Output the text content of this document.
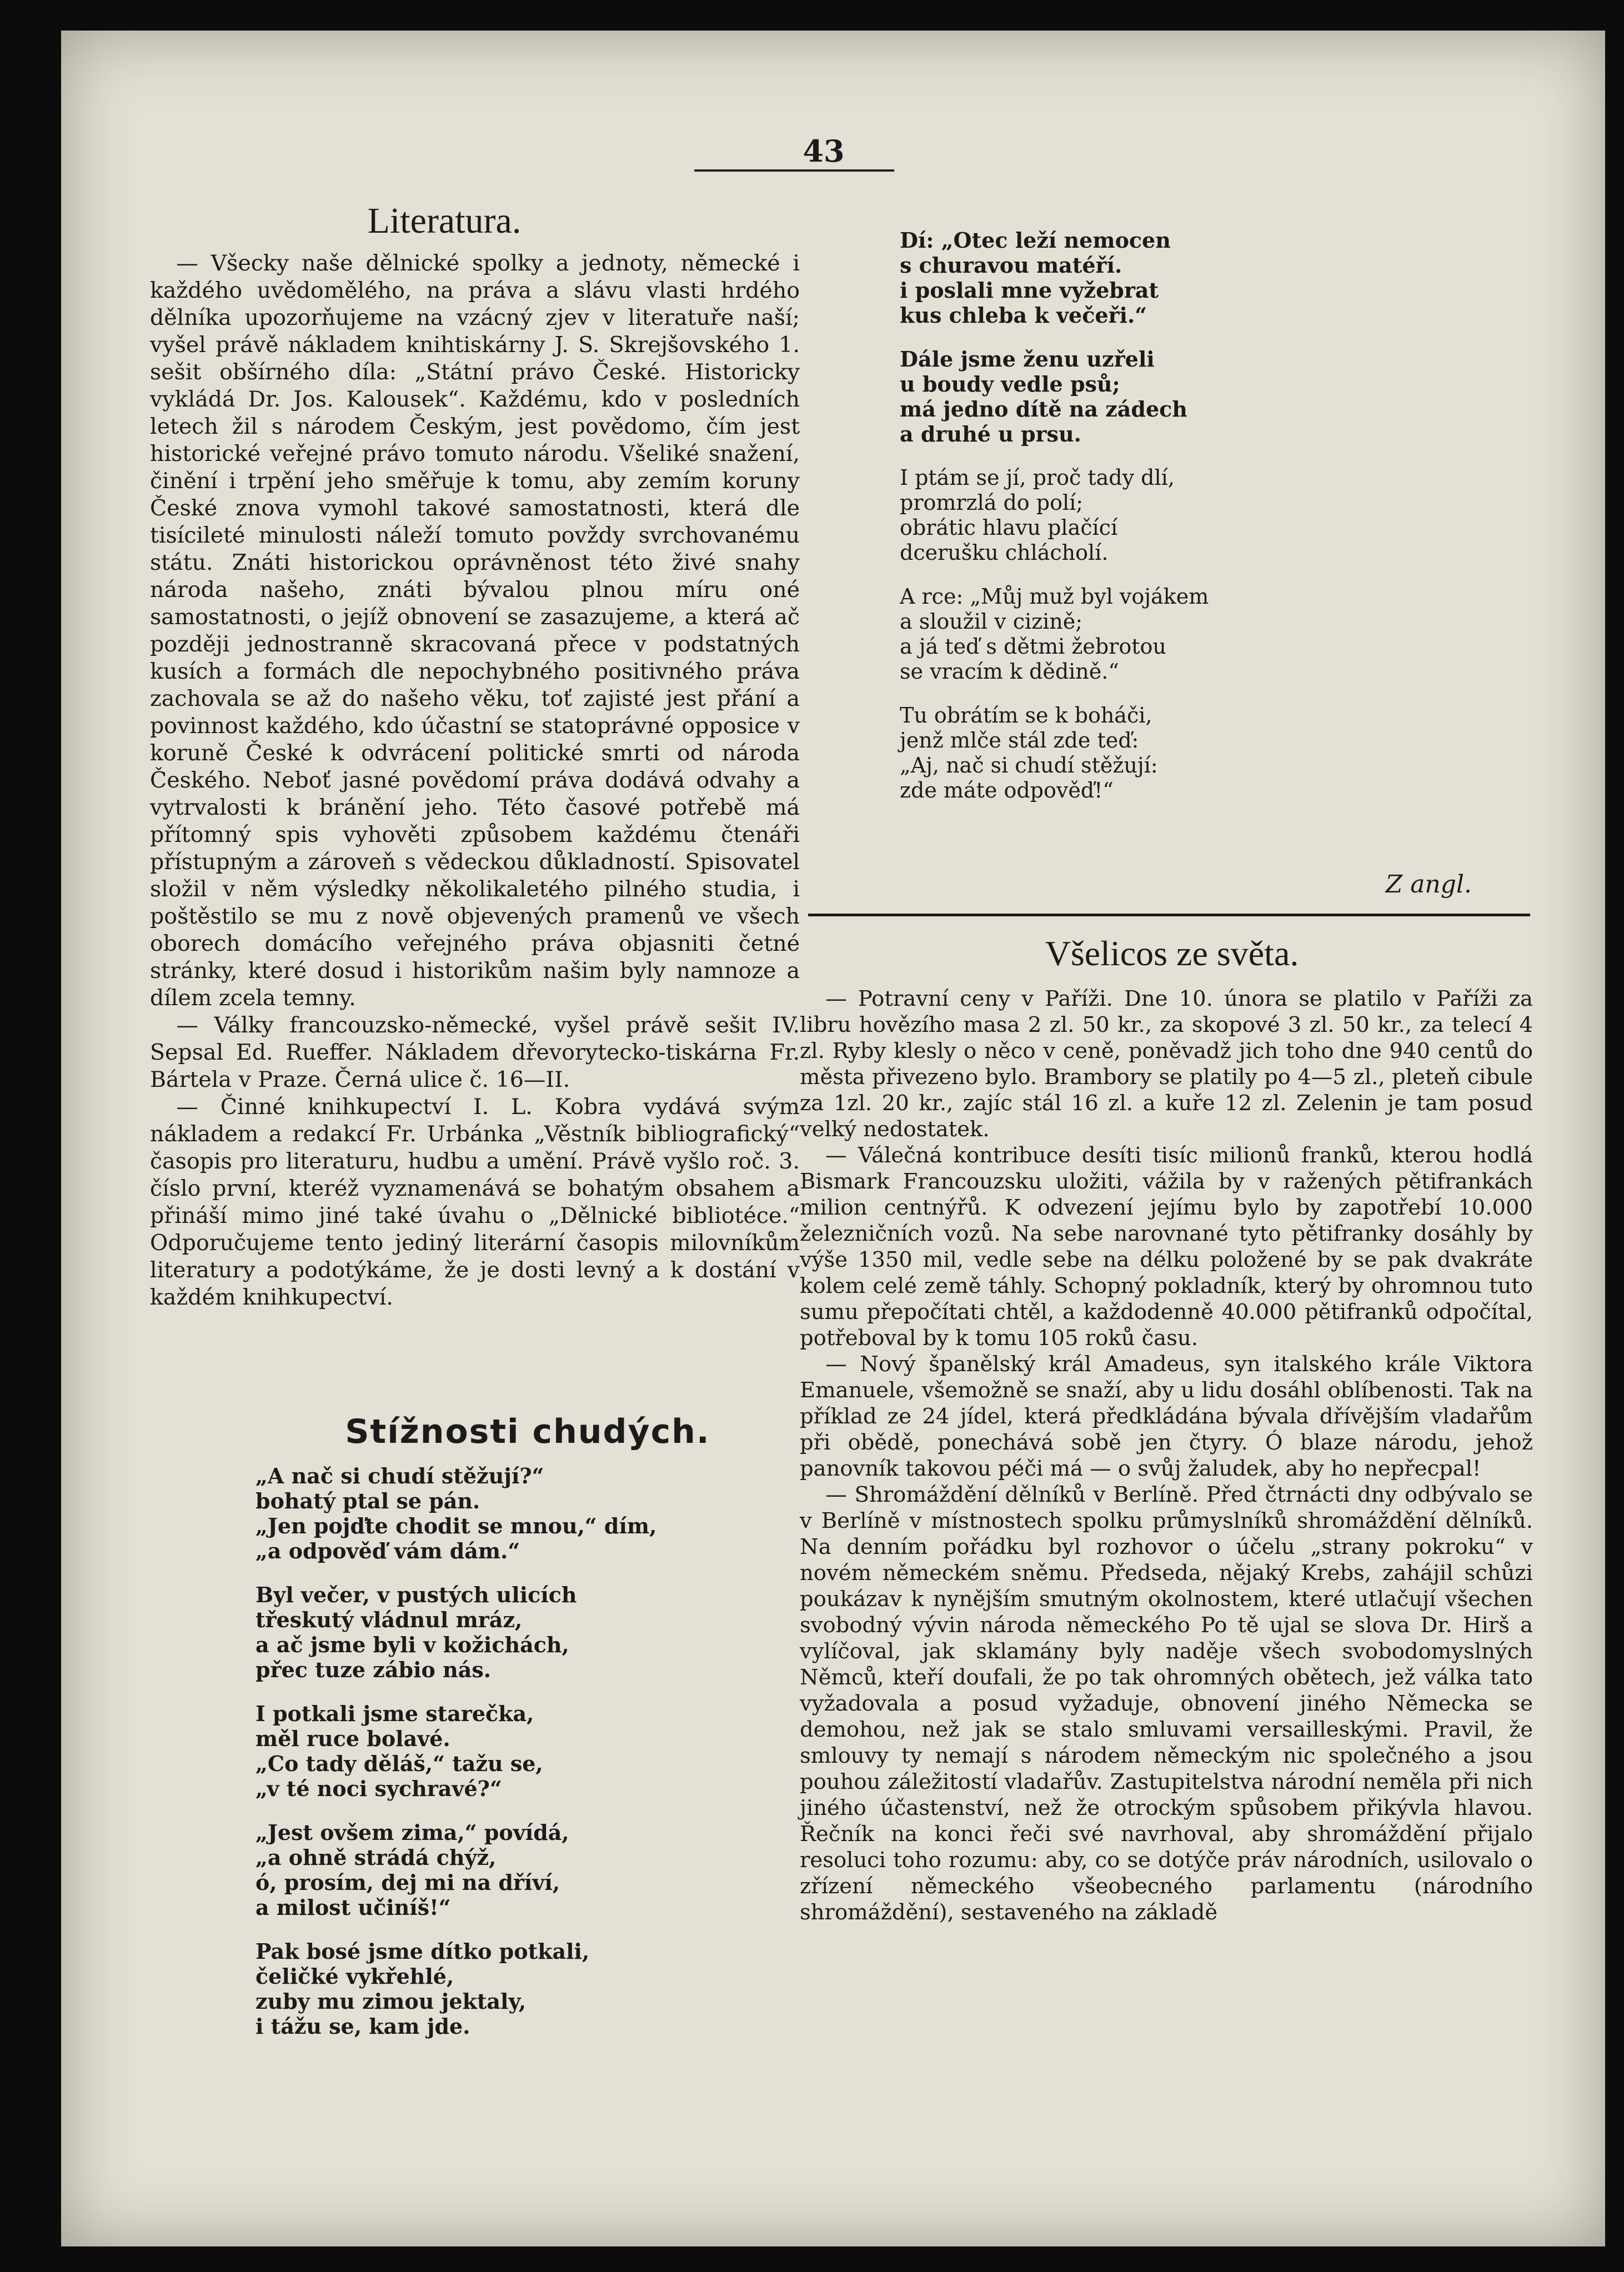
43
Literatura.

— Všecky naše dělnické spolky a jednoty, německé i každého uvědomělého, na práva a slávu vlasti hrdého dělníka upozorňujeme na vzácný zjev v literatuře naší; vyšel právě nákladem knihtiskárny J. S. Skrejšovského 1. sešit obšírného díla: „Státní právo České. Historicky vykládá Dr. Jos. Kalousek“. Každému, kdo v posledních letech žil s národem Českým, jest povědomo, čím jest historické veřejné právo tomuto národu. Všeliké snažení, činění i trpění jeho směřuje k tomu, aby zemím koruny České znova vymohl takové samostatnosti, která dle tisícileté minulosti náleží tomuto povždy svrchovanému státu. Znáti historickou oprávněnost této živé snahy národa našeho, znáti bývalou plnou míru oné samostatnosti, o jejíž obnovení se zasazujeme, a která ač později jednostranně skracovaná přece v podstatných kusích a formách dle nepochybného positivného práva zachovala se až do našeho věku, toť zajisté jest přání a povinnost každého, kdo účastní se statoprávné opposice v koruně České k odvrácení politické smrti od národa Českého. Neboť jasné povědomí práva dodává odvahy a vytrvalosti k bránění jeho. Této časové potřebě má přítomný spis vyhověti způsobem každému čtenáři přístupným a zároveň s vědeckou důkladností. Spisovatel složil v něm výsledky několikaletého pilného studia, i poštěstilo se mu z nově objevených pramenů ve všech oborech domácího veřejného práva objasniti četné stránky, které dosud i historikům našim byly namnoze a dílem zcela temny.

— Války francouzsko-německé, vyšel právě sešit IV. Sepsal Ed. Rueffer. Nákladem dřevorytecko-tiskárna Fr. Bártela v Praze. Černá ulice č. 16—II.

— Činné knihkupectví I. L. Kobra vydává svým nákladem a redakcí Fr. Urbánka „Věstník bibliografický“ časopis pro literaturu, hudbu a umění. Právě vyšlo roč. 3. číslo první, kteréž vyznamenává se bohatým obsahem a přináší mimo jiné také úvahu o „Dělnické bibliotéce.“ Odporučujeme tento jediný literární časopis milovníkům literatury a podotýkáme, že je dosti levný a k dostání v každém knihkupectví.

Stížnosti chudých.
„A nač si chudí stěžují?“
bohatý ptal se pán.
„Jen pojďte chodit se mnou,“ dím,
„a odpověď vám dám.“
Byl večer, v pustých ulicích
třeskutý vládnul mráz,
a ač jsme byli v kožichách,
přec tuze zábio nás.
I potkali jsme starečka,
měl ruce bolavé.
„Co tady děláš,“ tažu se,
„v té noci sychravé?“
„Jest ovšem zima,“ povídá,
„a ohně strádá chýž,
ó, prosím, dej mi na dříví,
a milost učiníš!“
Pak bosé jsme dítko potkali,
čeličké vykřehlé,
zuby mu zimou jektaly,
i tážu se, kam jde.
Dí: „Otec leží nemocen
s churavou matéří.
i poslali mne vyžebrat
kus chleba k večeři.“
Dále jsme ženu uzřeli
u boudy vedle psů;
má jedno dítě na zádech
a druhé u prsu.
I ptám se jí, proč tady dlí,
promrzlá do polí;
obrátic hlavu plačící
dcerušku chlácholí.
A rce: „Můj muž byl vojákem
a sloužil v cizině;
a já teď s dětmi žebrotou
se vracím k dědině.“
Tu obrátím se k boháči,
jenž mlče stál zde teď:
„Aj, nač si chudí stěžují:
zde máte odpověď!“
Z angl.
Všelicos ze světa.

— Potravní ceny v Paříži. Dne 10. února se platilo v Paříži za libru hovězího masa 2 zl. 50 kr., za skopové 3 zl. 50 kr., za telecí 4 zl. Ryby klesly o něco v ceně, poněvadž jich toho dne 940 centů do města přivezeno bylo. Brambory se platily po 4—5 zl., pleteň cibule za 1zl. 20 kr., zajíc stál 16 zl. a kuře 12 zl. Zelenin je tam posud velký nedostatek.

— Válečná kontribuce desíti tisíc milionů franků, kterou hodlá Bismark Francouzsku uložiti, vážila by v ražených pětifrankách milion centnýřů. K odvezení jejímu bylo by zapotřebí 10.000 železničních vozů. Na sebe narovnané tyto pětifranky dosáhly by výše 1350 mil, vedle sebe na délku položené by se pak dvakráte kolem celé země táhly. Schopný pokladník, který by ohromnou tuto sumu přepočítati chtěl, a každodenně 40.000 pětifranků odpočítal, potřeboval by k tomu 105 roků času.

— Nový španělský král Amadeus, syn italského krále Viktora Emanuele, všemožně se snaží, aby u lidu dosáhl oblíbenosti. Tak na příklad ze 24 jídel, která předkládána bývala dřívějším vladařům při obědě, ponechává sobě jen čtyry. Ó blaze národu, jehož panovník takovou péči má — o svůj žaludek, aby ho nepřecpal!

— Shromáždění dělníků v Berlíně. Před čtrnácti dny odbývalo se v Berlíně v místnostech spolku průmyslníků shromáždění dělníků. Na denním pořádku byl rozhovor o účelu „strany pokroku“ v novém německém sněmu. Předseda, nějaký Krebs, zahájil schůzi poukázav k nynějším smutným okolnostem, které utlačují všechen svobodný vývin národa německého Po tě ujal se slova Dr. Hirš a vylíčoval, jak sklamány byly naděje všech svobodomyslných Němců, kteří doufali, že po tak ohromných obětech, jež válka tato vyžadovala a posud vyžaduje, obnovení jiného Německa se demohou, než jak se stalo smluvami versailleskými. Pravil, že smlouvy ty nemají s národem německým nic společného a jsou pouhou záležitostí vladařův. Zastupitelstva národní neměla při nich jiného účastenství, než že otrockým spůsobem přikývla hlavou. Řečník na konci řeči své navrhoval, aby shromáždění přijalo resoluci toho rozumu: aby, co se dotýče práv národních, usilovalo o zřízení německého všeobecného parlamentu (národního shromáždění), sestaveného na základě
